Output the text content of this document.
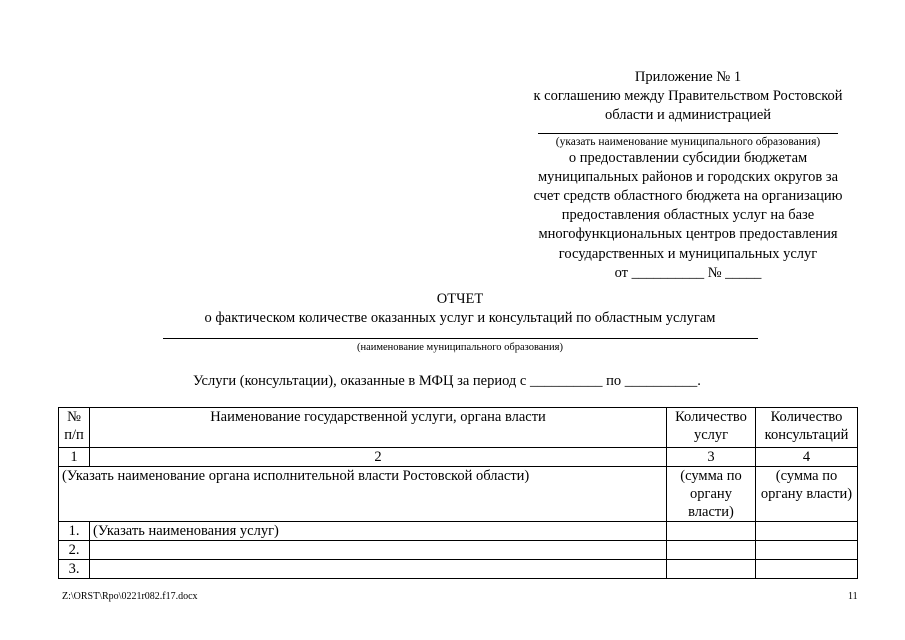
Приложение № 1
к соглашению между Правительством Ростовской
области и администрацией
(указать наименование муниципального образования)
о предоставлении субсидии бюджетам
муниципальных районов и городских округов за
счет средств областного бюджета на организацию
предоставления областных услуг на базе
многофункциональных центров предоставления
государственных и муниципальных услуг
от __________ № _____
ОТЧЕТ
о фактическом количестве оказанных услуг и консультаций по областным услугам
(наименование муниципального образования)
Услуги (консультации), оказанные в МФЦ за период с __________ по __________.
№ п/п	Наименование государственной услуги, органа власти	Количество услуг	Количество консультаций
1	2	3	4
(Указать наименование органа исполнительной власти Ростовской области)		(сумма по органу власти)	(сумма по органу власти)
1.	(Указать наименования услуг)		
2.			
3.			
Z:\ORST\Rpo\0221r082.f17.docx	11
